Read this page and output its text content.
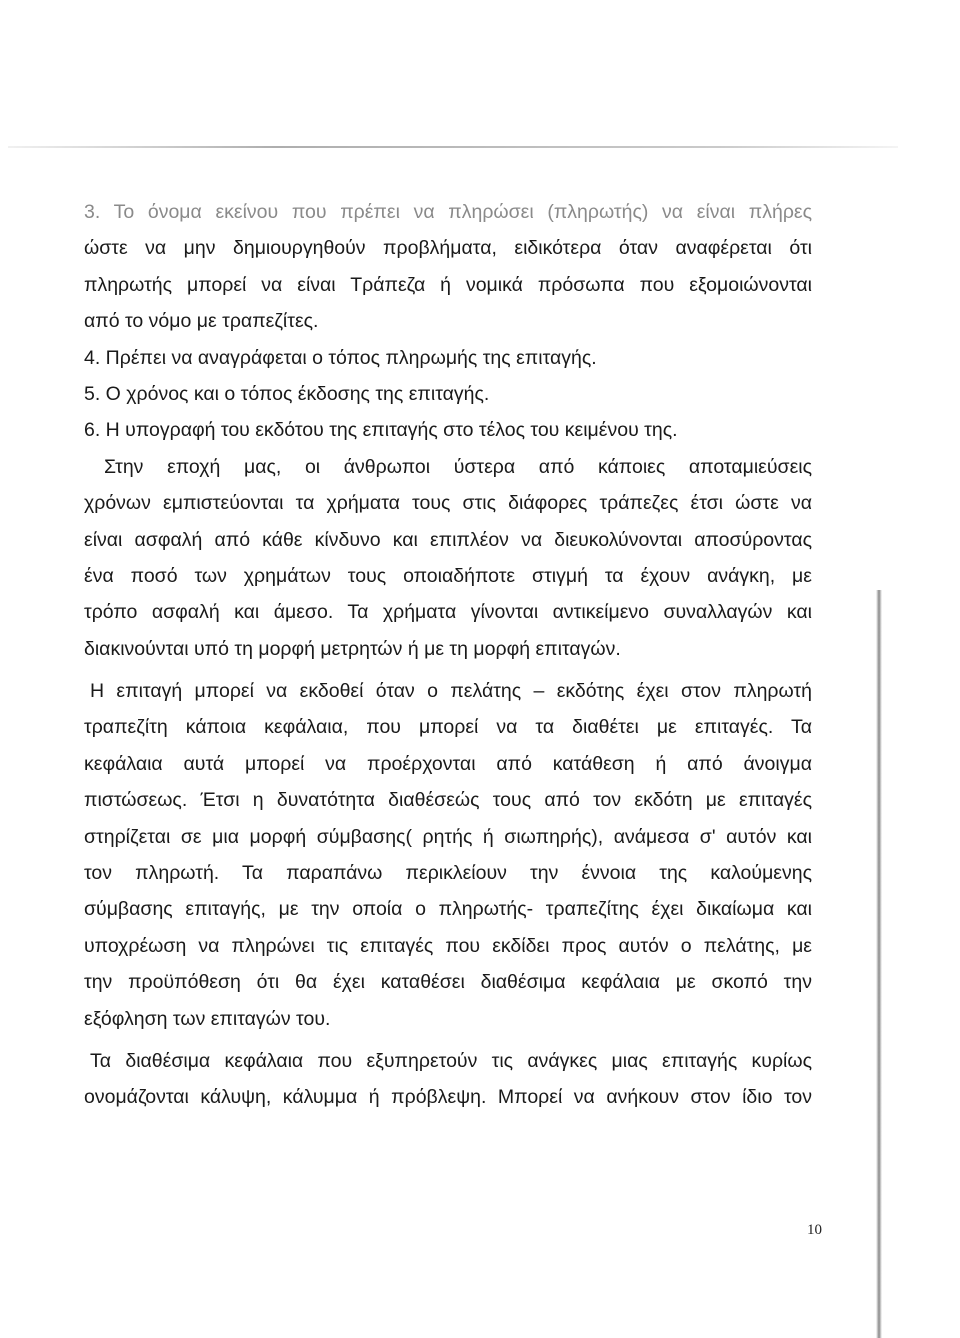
3. Το όνομα εκείνου που πρέπει να πληρώσει (πληρωτής) να είναι πλήρες
ώστε να μην δημιουργηθούν προβλήματα, ειδικότερα όταν αναφέρεται ότι
πληρωτής μπορεί να είναι Τράπεζα ή νομικά πρόσωπα που εξομοιώνονται
από το νόμο με τραπεζίτες.
4. Πρέπει να αναγράφεται ο τόπος πληρωμής της επιταγής.
5. Ο χρόνος και ο τόπος έκδοσης της επιταγής.
6. Η υπογραφή του εκδότου της επιταγής στο τέλος του κειμένου της.
Στην εποχή μας, οι άνθρωποι ύστερα από κάποιες αποταμιεύσεις
χρόνων εμπιστεύονται τα χρήματα τους στις διάφορες τράπεζες έτσι ώστε να
είναι ασφαλή από κάθε κίνδυνο και επιπλέον να διευκολύνονται αποσύροντας
ένα ποσό των χρημάτων τους οποιαδήποτε στιγμή τα έχουν ανάγκη, με
τρόπο ασφαλή και άμεσο. Τα χρήματα γίνονται αντικείμενο συναλλαγών και
διακινούνται υπό τη μορφή μετρητών ή με τη μορφή επιταγών.
Η επιταγή μπορεί να εκδοθεί όταν ο πελάτης – εκδότης έχει στον πληρωτή
τραπεζίτη κάποια κεφάλαια, που μπορεί να τα διαθέτει με επιταγές. Τα
κεφάλαια αυτά μπορεί να προέρχονται από κατάθεση ή από άνοιγμα
πιστώσεως. Έτσι η δυνατότητα διαθέσεώς τους από τον εκδότη με επιταγές
στηρίζεται σε μια μορφή σύμβασης( ρητής ή σιωπηρής), ανάμεσα σ' αυτόν και
τον πληρωτή. Τα παραπάνω περικλείουν την έννοια της καλούμενης
σύμβασης επιταγής, με την οποία ο πληρωτής- τραπεζίτης έχει δικαίωμα και
υποχρέωση να πληρώνει τις επιταγές που εκδίδει προς αυτόν ο πελάτης, με
την προϋπόθεση ότι θα έχει καταθέσει διαθέσιμα κεφάλαια με σκοπό την
εξόφληση των επιταγών του.
Τα διαθέσιμα κεφάλαια που εξυπηρετούν τις ανάγκες μιας επιταγής κυρίως
ονομάζονται κάλυψη, κάλυμμα ή πρόβλεψη. Μπορεί να ανήκουν στον ίδιο τον
10
